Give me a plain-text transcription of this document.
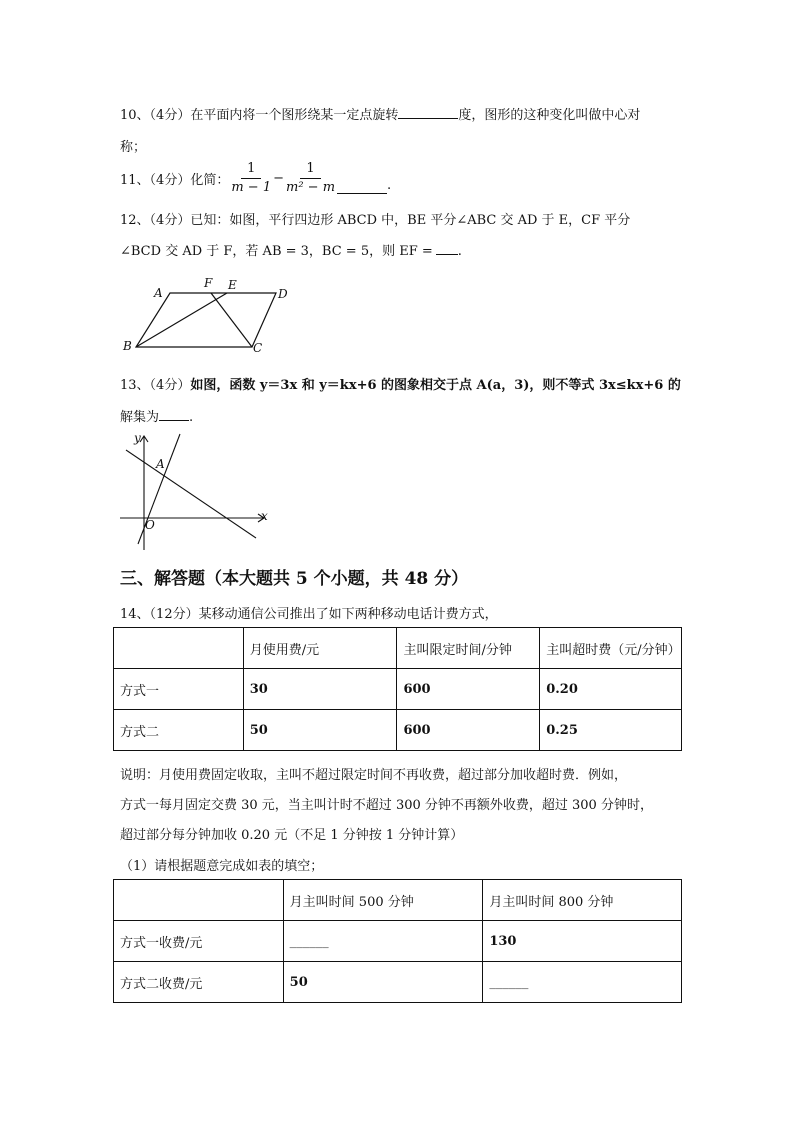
10、（4分）在平面内将一个图形绕某一定点旋转	度，图形的这种变化叫做中心对
称；
11、（4分） 化简： $\frac{1}{m - 1} - \frac{1}{\text{m² − m}}$	.
12、（4分）已知：如图，平行四边形 ABCD 中，BE 平分∠ABC 交 AD 于 E，CF 平分
∠BCD 交 AD 于 F，若 AB = 3，BC = 5，则 EF = .
A
F E
D
B	C
13、（4分）如图，函数 y＝3x 和 y＝kx+6 的图象相交于点 A(a，3)，则不等式 3x≤kx+6 的
解集为 .
y
x
A
O
三、解答题（本大题共 5 个小题，共 48 分）
14、（12分）某移动通信公司推出了如下两种移动电话计费方式，
	月使用费/元	主叫限定时间/分钟	主叫超时费（元/分钟）
方式一	30	600	0.20
方式二	50	600	0.25
说明：月使用费固定收取，主叫不超过限定时间不再收费，超过部分加收超时费．例如，
方式一每月固定交费 30 元，当主叫计时不超过 300 分钟不再额外收费，超过 300 分钟时，
超过部分每分钟加收 0.20 元（不足 1 分钟按 1 分钟计算）
（1）请根据题意完成如表的填空；
	月主叫时间 500 分钟	月主叫时间 800 分钟
方式一收费/元	______	130
方式二收费/元	50	______
